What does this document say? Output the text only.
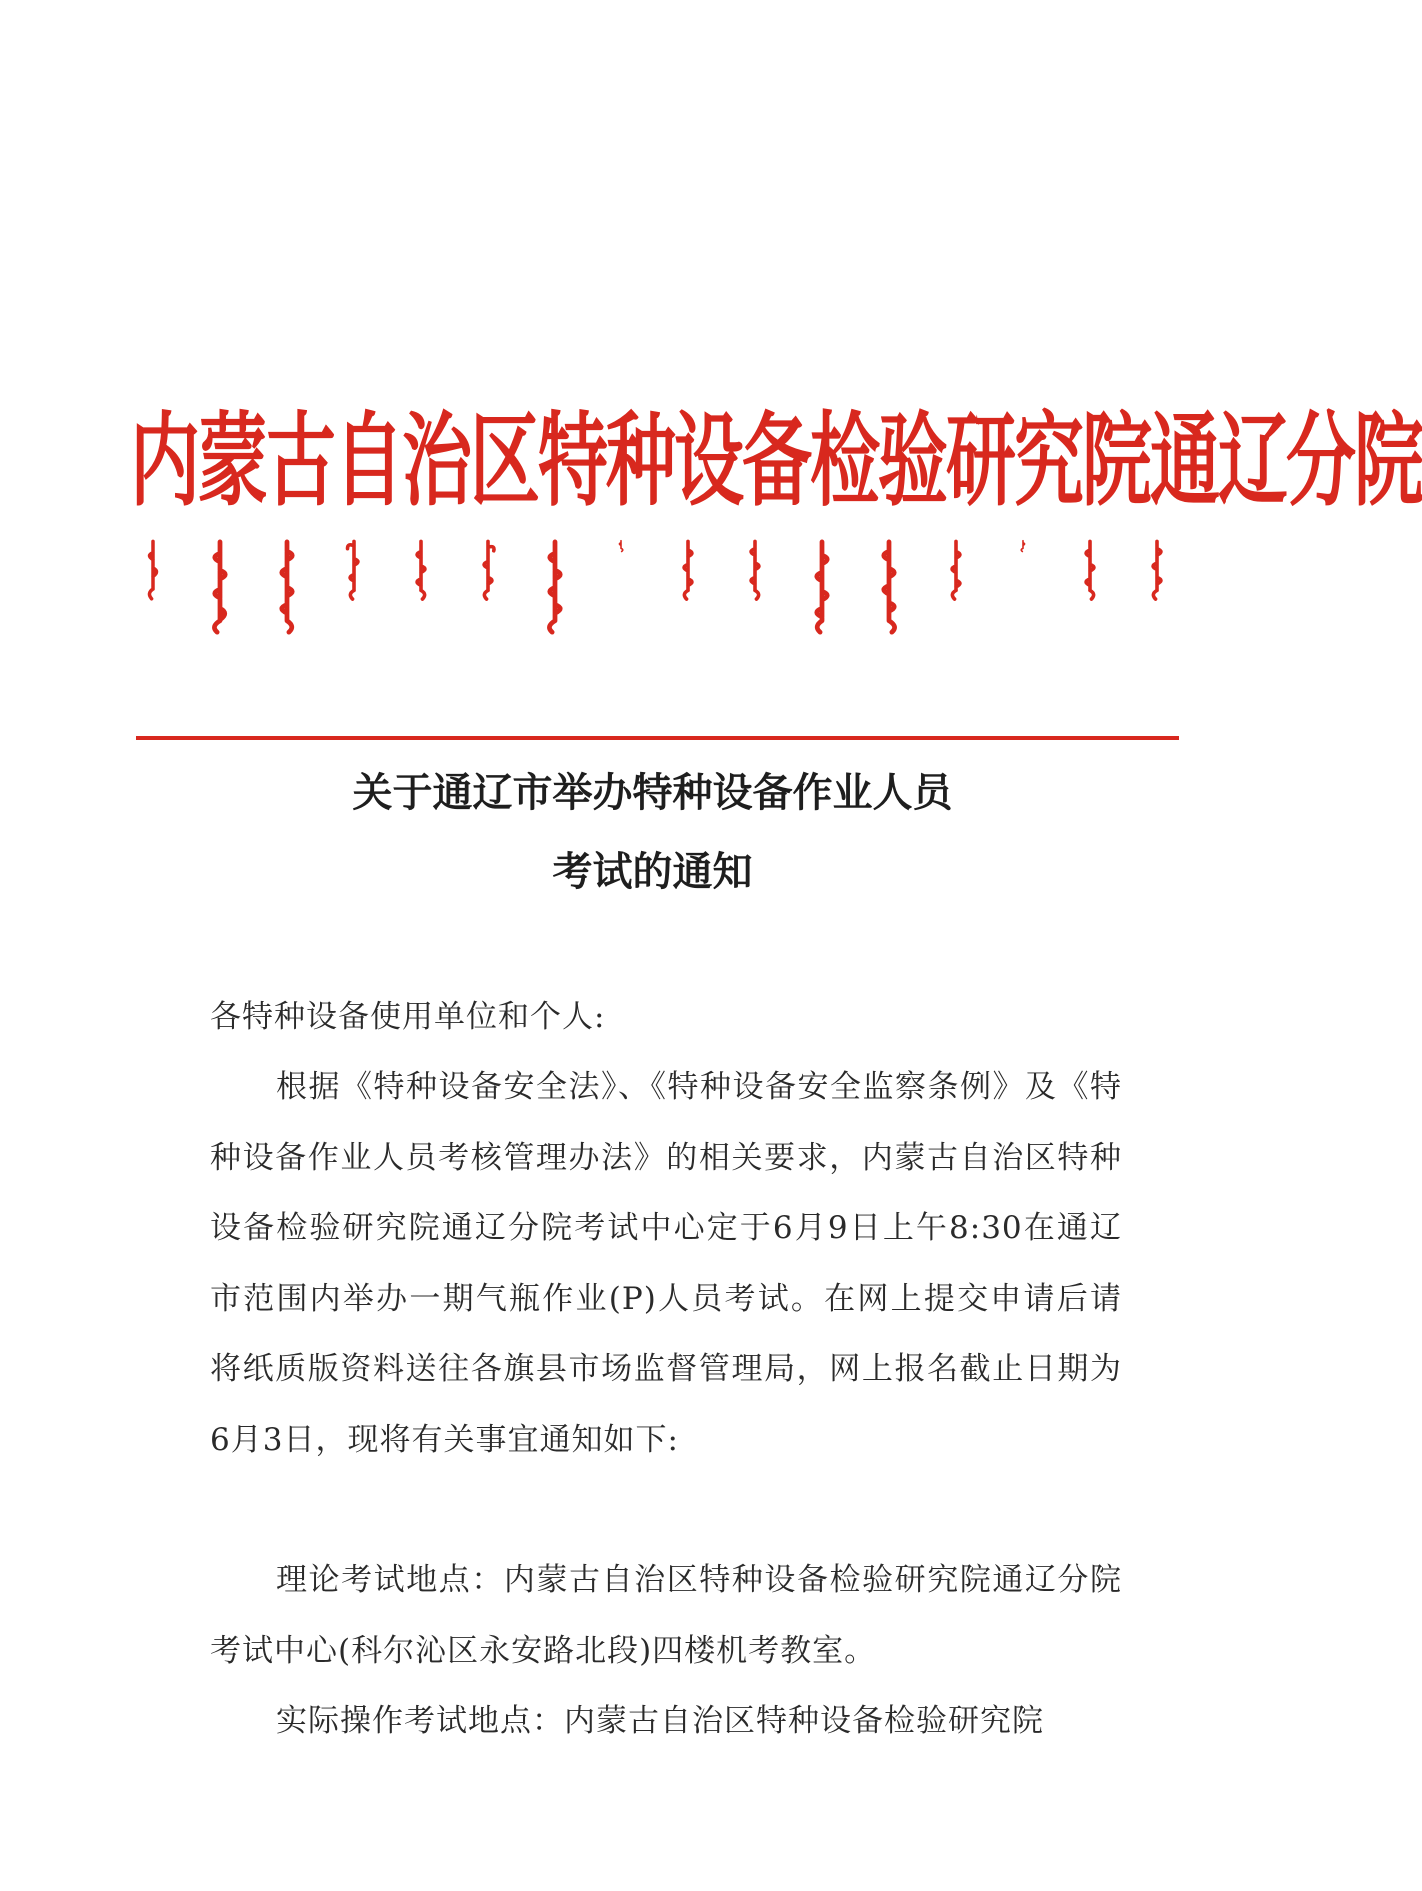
内蒙古自治区特种设备检验研究院通辽分院
关于通辽市举办特种设备作业人员
考试的通知

各特种设备使用单位和个人:

根据《特种设备安全法》、《特种设备安全监察条例》及《特种设备作业人员考核管理办法》的相关要求，内蒙古自治区特种设备检验研究院通辽分院考试中心定于6月9日上午8:30在通辽市范围内举办一期气瓶作业(P)人员考试。在网上提交申请后请将纸质版资料送往各旗县市场监督管理局，网上报名截止日期为6月3日，现将有关事宜通知如下:

理论考试地点：内蒙古自治区特种设备检验研究院通辽分院考试中心(科尔沁区永安路北段)四楼机考教室。

实际操作考试地点：内蒙古自治区特种设备检验研究院
